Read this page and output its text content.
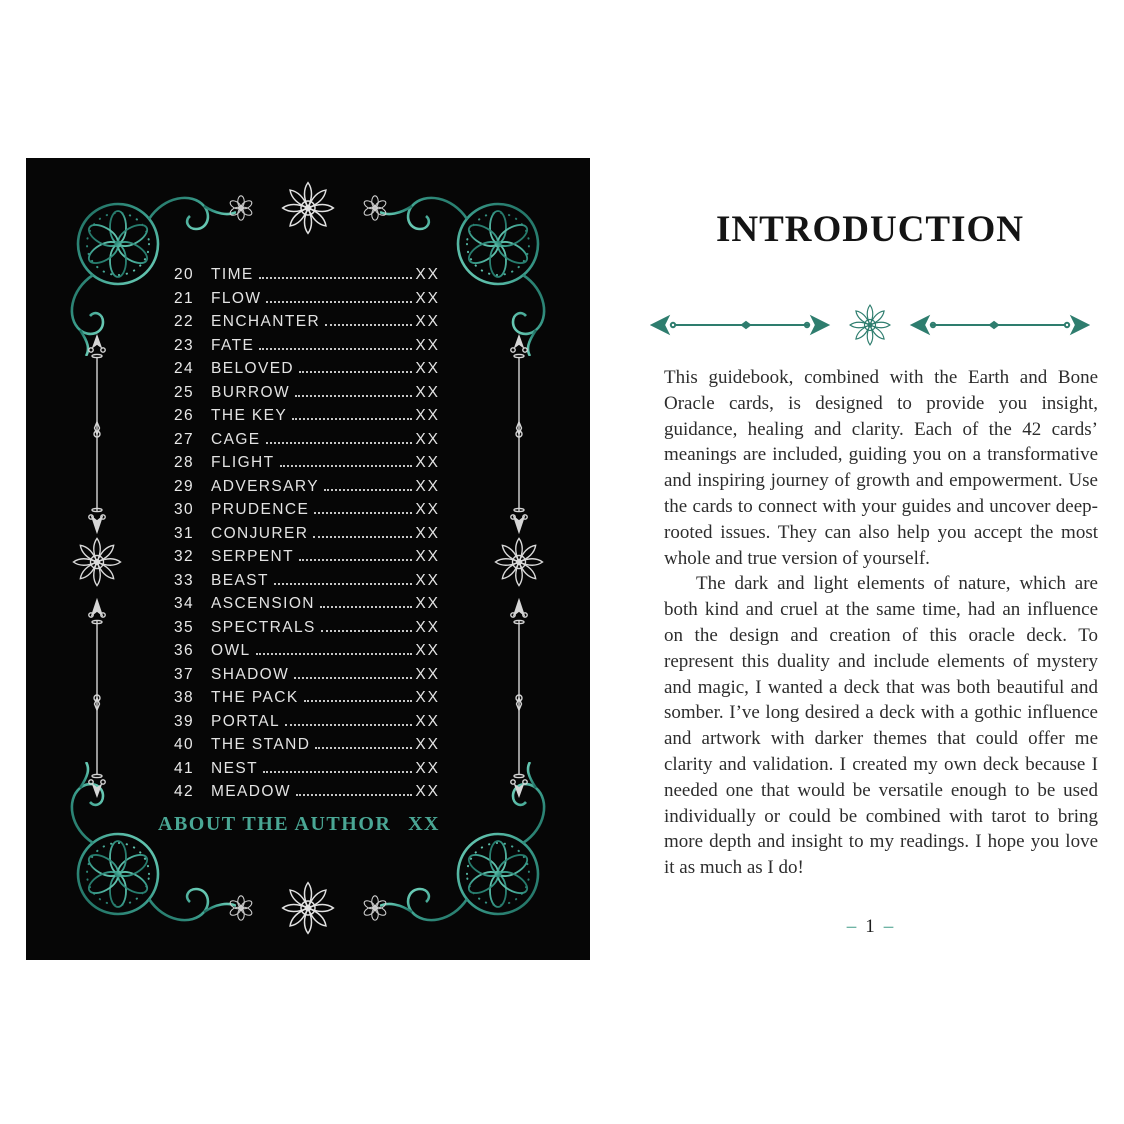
20 TIME	XX
21 FLOW	XX
22 ENCHANTER	XX
23 FATE	XX
24 BELOVED	XX
25 BURROW	XX
26 THE KEY	XX
27 CAGE	XX
28 FLIGHT	XX
29 ADVERSARY	XX
30 PRUDENCE	XX
31 CONJURER	XX
32 SERPENT	XX
33 BEAST	XX
34 ASCENSION	XX
35 SPECTRALS	XX
36 OWL	XX
37 SHADOW	XX
38 THE PACK	XX
39 PORTAL	XX
40 THE STAND	XX
41 NEST	XX
42 MEADOW	XX
ABOUT THE AUTHOR XX
INTRODUCTION

This guidebook, combined with the Earth and Bone Oracle cards, is designed to provide you insight, guidance, healing and clarity. Each of the 42 cards’ meanings are included, guiding you on a transformative and inspiring journey of growth and empowerment. Use the cards to connect with your guides and uncover deep-rooted issues. They can also help you accept the most whole and true version of yourself.

The dark and light elements of nature, which are both kind and cruel at the same time, had an influence on the design and creation of this oracle deck. To represent this duality and include elements of mystery and magic, I wanted a deck that was both beautiful and somber. I’ve long desired a deck with a gothic influence and artwork with darker themes that could offer me clarity and validation. I created my own deck because I needed one that would be versatile enough to be used individually or could be combined with tarot to bring more depth and insight to my readings. I hope you love it as much as I do!

– 1 –
